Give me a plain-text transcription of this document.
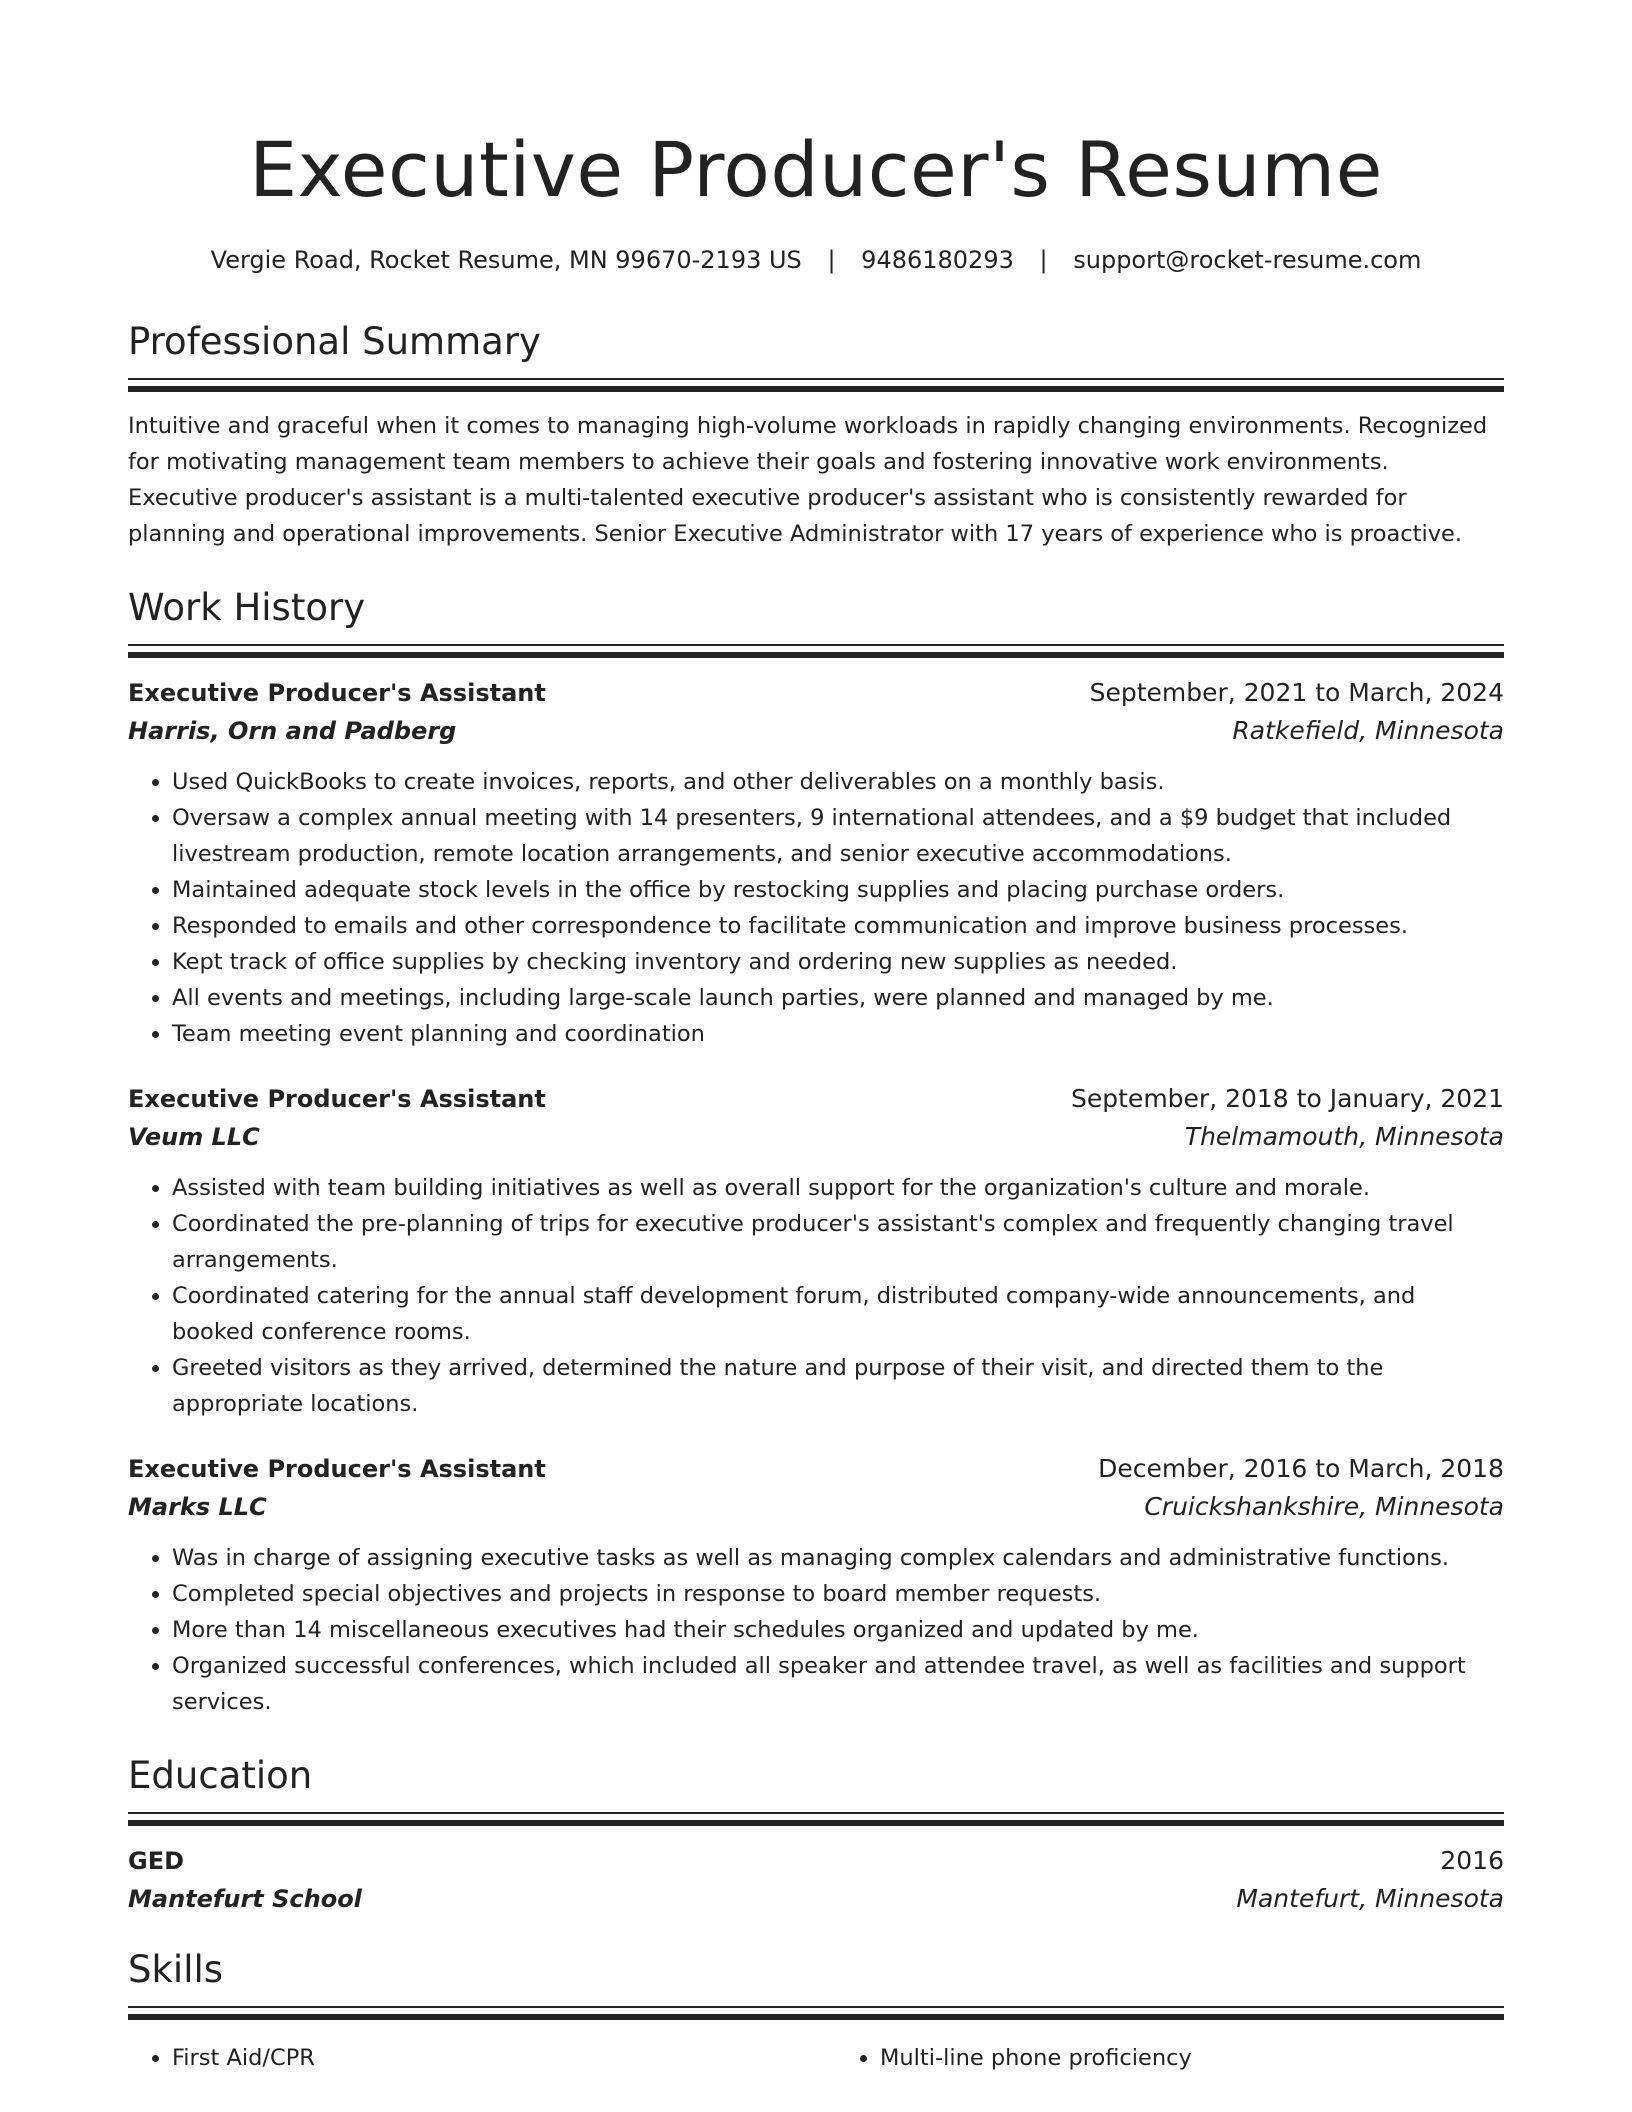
Executive Producer's Resume
Vergie Road, Rocket Resume, MN 99670-2193 US | 9486180293 | support@rocket-resume.com
Professional Summary

Intuitive and graceful when it comes to managing high-volume workloads in rapidly changing environments. Recognized for motivating management team members to achieve their goals and fostering innovative work environments. Executive producer's assistant is a multi-talented executive producer's assistant who is consistently rewarded for planning and operational improvements. Senior Executive Administrator with 17 years of experience who is proactive.

Work History
Executive Producer's Assistant	September, 2021 to March, 2024
Harris, Orn and Padberg	Ratkefield, Minnesota
• Used QuickBooks to create invoices, reports, and other deliverables on a monthly basis.
• Oversaw a complex annual meeting with 14 presenters, 9 international attendees, and a $9 budget that included livestream production, remote location arrangements, and senior executive accommodations.
• Maintained adequate stock levels in the office by restocking supplies and placing purchase orders.
• Responded to emails and other correspondence to facilitate communication and improve business processes.
• Kept track of office supplies by checking inventory and ordering new supplies as needed.
• All events and meetings, including large-scale launch parties, were planned and managed by me.
• Team meeting event planning and coordination
Executive Producer's Assistant	September, 2018 to January, 2021
Veum LLC	Thelmamouth, Minnesota
• Assisted with team building initiatives as well as overall support for the organization's culture and morale.
• Coordinated the pre-planning of trips for executive producer's assistant's complex and frequently changing travel arrangements.
• Coordinated catering for the annual staff development forum, distributed company-wide announcements, and booked conference rooms.
• Greeted visitors as they arrived, determined the nature and purpose of their visit, and directed them to the appropriate locations.
Executive Producer's Assistant	December, 2016 to March, 2018
Marks LLC	Cruickshankshire, Minnesota
• Was in charge of assigning executive tasks as well as managing complex calendars and administrative functions.
• Completed special objectives and projects in response to board member requests.
• More than 14 miscellaneous executives had their schedules organized and updated by me.
• Organized successful conferences, which included all speaker and attendee travel, as well as facilities and support services.
Education
GED	2016
Mantefurt School	Mantefurt, Minnesota
Skills
• First Aid/CPR
•	Multi-line phone proficiency
